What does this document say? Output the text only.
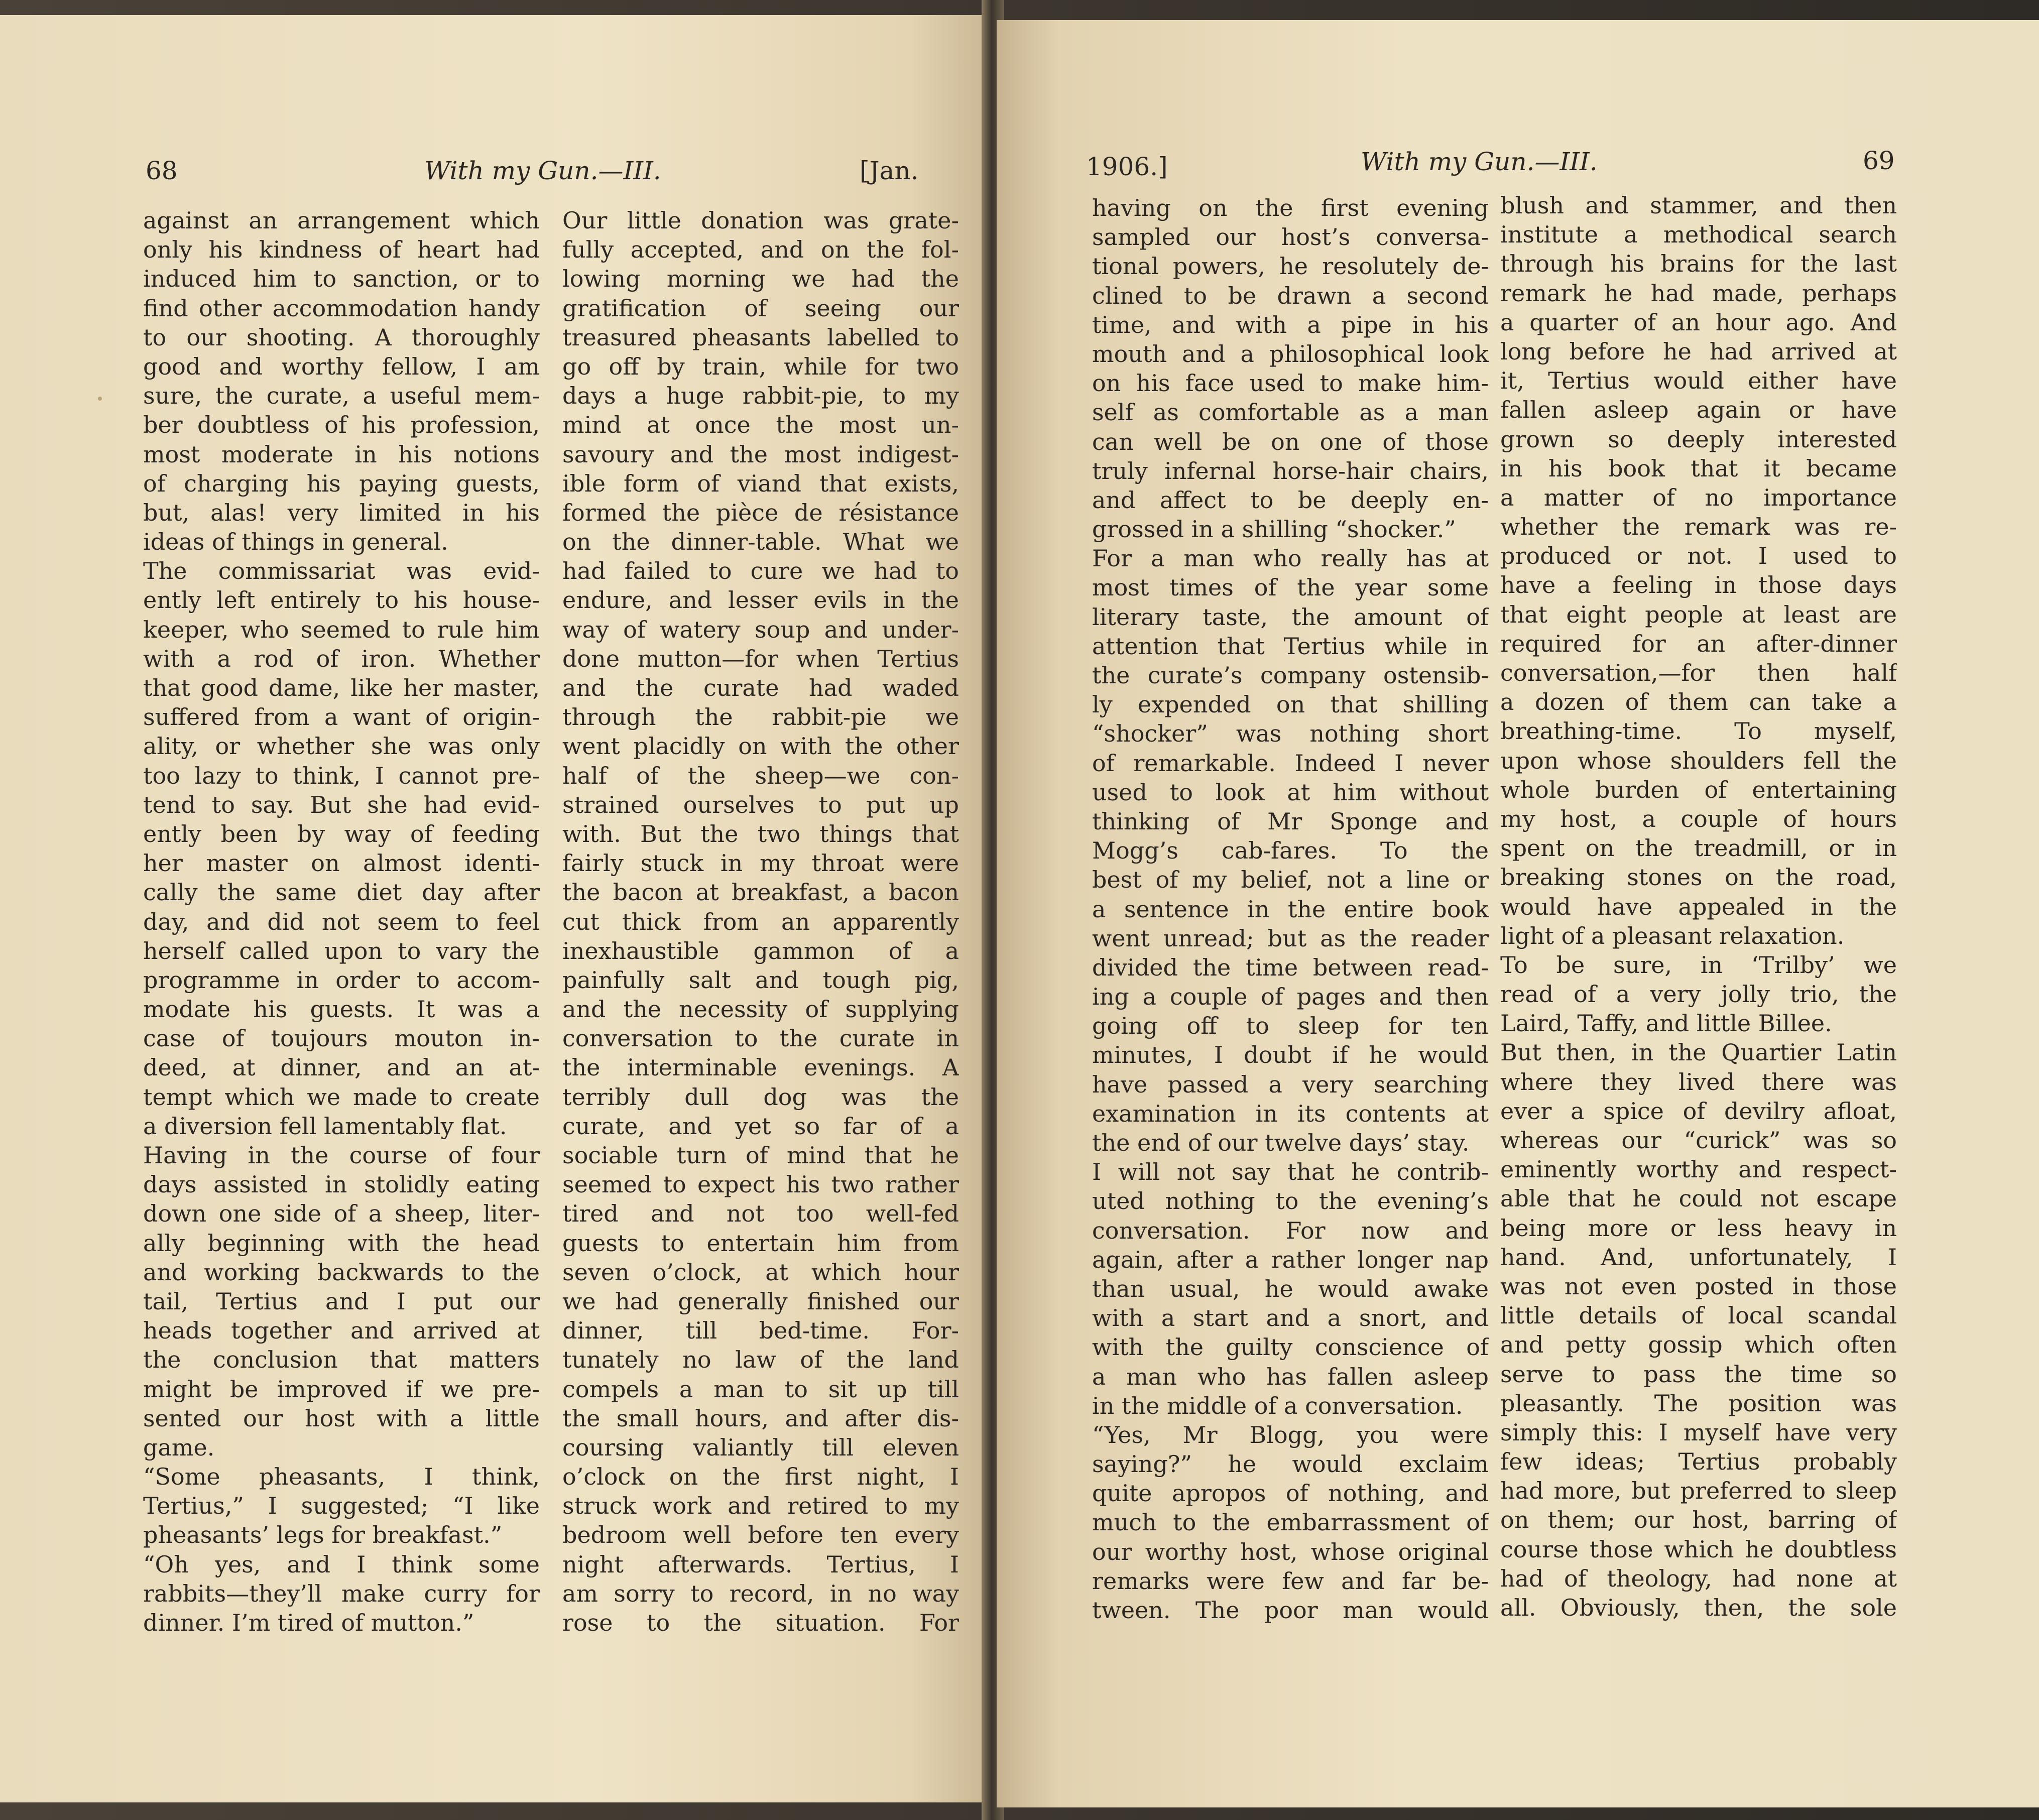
68	With my Gun.—III.	[Jan.
against an arrangement which
only his kindness of heart had
induced him to sanction, or to
find other accommodation handy
to our shooting. A thoroughly
good and worthy fellow, I am
sure, the curate, a useful mem-
ber doubtless of his profession,
most moderate in his notions
of charging his paying guests,
but, alas! very limited in his
ideas of things in general.
The commissariat was evid-
ently left entirely to his house-
keeper, who seemed to rule him
with a rod of iron. Whether
that good dame, like her master,
suffered from a want of origin-
ality, or whether she was only
too lazy to think, I cannot pre-
tend to say. But she had evid-
ently been by way of feeding
her master on almost identi-
cally the same diet day after
day, and did not seem to feel
herself called upon to vary the
programme in order to accom-
modate his guests. It was a
case of toujours mouton in-
deed, at dinner, and an at-
tempt which we made to create
a diversion fell lamentably flat.
Having in the course of four
days assisted in stolidly eating
down one side of a sheep, liter-
ally beginning with the head
and working backwards to the
tail, Tertius and I put our
heads together and arrived at
the conclusion that matters
might be improved if we pre-
sented our host with a little
game.
“Some pheasants, I think,
Tertius,” I suggested; “I like
pheasants’ legs for breakfast.”
“Oh yes, and I think some
rabbits—they’ll make curry for
dinner. I’m tired of mutton.”
Our little donation was grate-
fully accepted, and on the fol-
lowing morning we had the
gratification of seeing our
treasured pheasants labelled to
go off by train, while for two
days a huge rabbit-pie, to my
mind at once the most un-
savoury and the most indigest-
ible form of viand that exists,
formed the pièce de résistance
on the dinner-table. What we
had failed to cure we had to
endure, and lesser evils in the
way of watery soup and under-
done mutton—for when Tertius
and the curate had waded
through the rabbit-pie we
went placidly on with the other
half of the sheep—we con-
strained ourselves to put up
with. But the two things that
fairly stuck in my throat were
the bacon at breakfast, a bacon
cut thick from an apparently
inexhaustible gammon of a
painfully salt and tough pig,
and the necessity of supplying
conversation to the curate in
the interminable evenings. A
terribly dull dog was the
curate, and yet so far of a
sociable turn of mind that he
seemed to expect his two rather
tired and not too well-fed
guests to entertain him from
seven o’clock, at which hour
we had generally finished our
dinner, till bed-time. For-
tunately no law of the land
compels a man to sit up till
the small hours, and after dis-
coursing valiantly till eleven
o’clock on the first night, I
struck work and retired to my
bedroom well before ten every
night afterwards. Tertius, I
am sorry to record, in no way
rose to the situation. For
1906.]	With my Gun.—III.	69
having on the first evening
sampled our host’s conversa-
tional powers, he resolutely de-
clined to be drawn a second
time, and with a pipe in his
mouth and a philosophical look
on his face used to make him-
self as comfortable as a man
can well be on one of those
truly infernal horse-hair chairs,
and affect to be deeply en-
grossed in a shilling “shocker.”
For a man who really has at
most times of the year some
literary taste, the amount of
attention that Tertius while in
the curate’s company ostensib-
ly expended on that shilling
“shocker” was nothing short
of remarkable. Indeed I never
used to look at him without
thinking of Mr Sponge and
Mogg’s cab-fares. To the
best of my belief, not a line or
a sentence in the entire book
went unread; but as the reader
divided the time between read-
ing a couple of pages and then
going off to sleep for ten
minutes, I doubt if he would
have passed a very searching
examination in its contents at
the end of our twelve days’ stay.
I will not say that he contrib-
uted nothing to the evening’s
conversation. For now and
again, after a rather longer nap
than usual, he would awake
with a start and a snort, and
with the guilty conscience of
a man who has fallen asleep
in the middle of a conversation.
“Yes, Mr Blogg, you were
saying?” he would exclaim
quite apropos of nothing, and
much to the embarrassment of
our worthy host, whose original
remarks were few and far be-
tween. The poor man would
blush and stammer, and then
institute a methodical search
through his brains for the last
remark he had made, perhaps
a quarter of an hour ago. And
long before he had arrived at
it, Tertius would either have
fallen asleep again or have
grown so deeply interested
in his book that it became
a matter of no importance
whether the remark was re-
produced or not. I used to
have a feeling in those days
that eight people at least are
required for an after-dinner
conversation,—for then half
a dozen of them can take a
breathing-time. To myself,
upon whose shoulders fell the
whole burden of entertaining
my host, a couple of hours
spent on the treadmill, or in
breaking stones on the road,
would have appealed in the
light of a pleasant relaxation.
To be sure, in ‘Trilby’ we
read of a very jolly trio, the
Laird, Taffy, and little Billee.
But then, in the Quartier Latin
where they lived there was
ever a spice of devilry afloat,
whereas our “curick” was so
eminently worthy and respect-
able that he could not escape
being more or less heavy in
hand. And, unfortunately, I
was not even posted in those
little details of local scandal
and petty gossip which often
serve to pass the time so
pleasantly. The position was
simply this: I myself have very
few ideas; Tertius probably
had more, but preferred to sleep
on them; our host, barring of
course those which he doubtless
had of theology, had none at
all. Obviously, then, the sole
